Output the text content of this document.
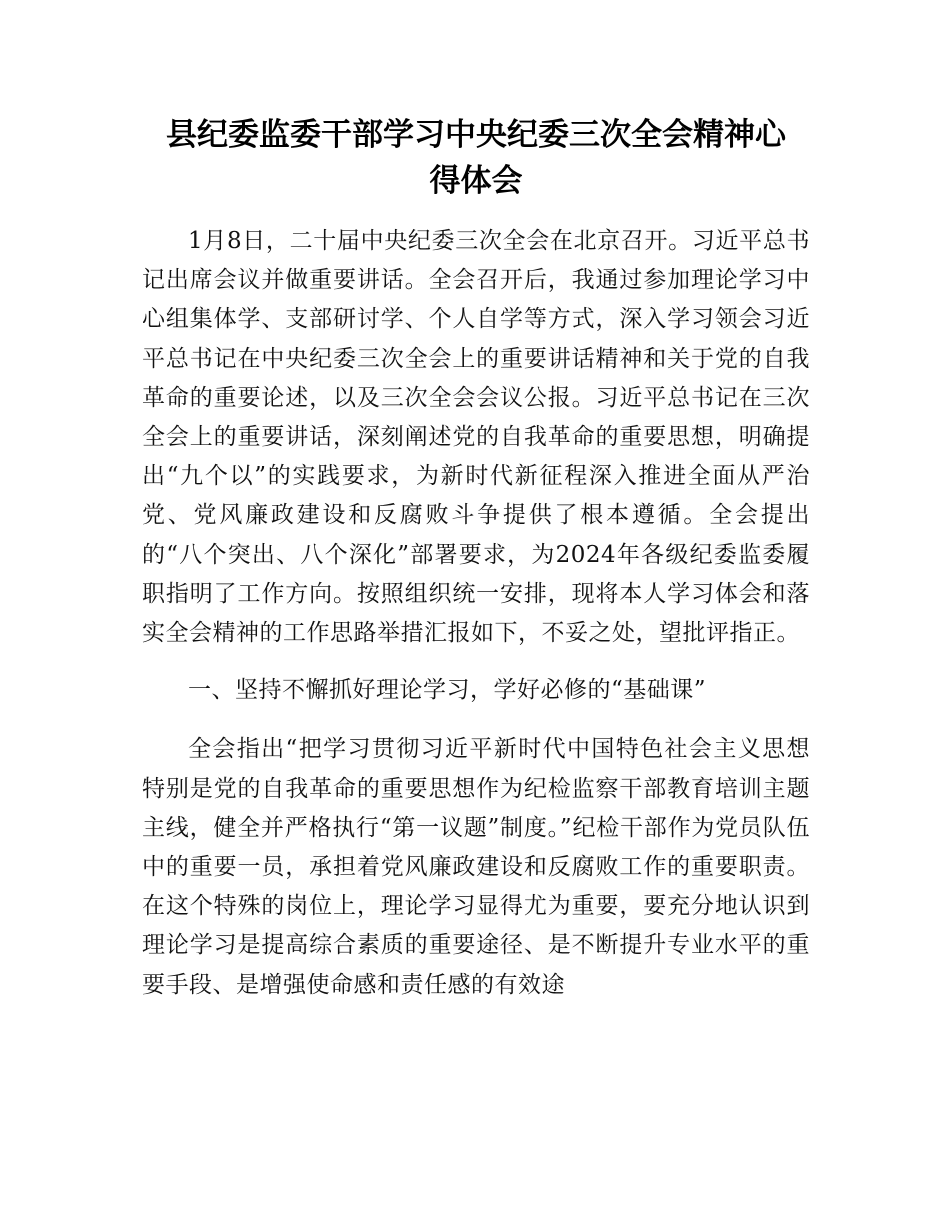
县纪委监委干部学习中央纪委三次全会精神心得体会

1月8日，二十届中央纪委三次全会在北京召开。习近平总书记出席会议并做重要讲话。全会召开后，我通过参加理论学习中心组集体学、支部研讨学、个人自学等方式，深入学习领会习近平总书记在中央纪委三次全会上的重要讲话精神和关于党的自我革命的重要论述，以及三次全会会议公报。习近平总书记在三次全会上的重要讲话，深刻阐述党的自我革命的重要思想，明确提出“九个以”的实践要求，为新时代新征程深入推进全面从严治党、党风廉政建设和反腐败斗争提供了根本遵循。全会提出的“八个突出、八个深化”部署要求，为2024年各级纪委监委履职指明了工作方向。按照组织统一安排，现将本人学习体会和落实全会精神的工作思路举措汇报如下，不妥之处，望批评指正。

一、坚持不懈抓好理论学习，学好必修的“基础课”

全会指出“把学习贯彻习近平新时代中国特色社会主义思想特别是党的自我革命的重要思想作为纪检监察干部教育培训主题主线，健全并严格执行“第一议题”制度。”纪检干部作为党员队伍中的重要一员，承担着党风廉政建设和反腐败工作的重要职责。在这个特殊的岗位上，理论学习显得尤为重要，要充分地认识到理论学习是提高综合素质的重要途径、是不断提升专业水平的重要手段、是增强使命感和责任感的有效途
